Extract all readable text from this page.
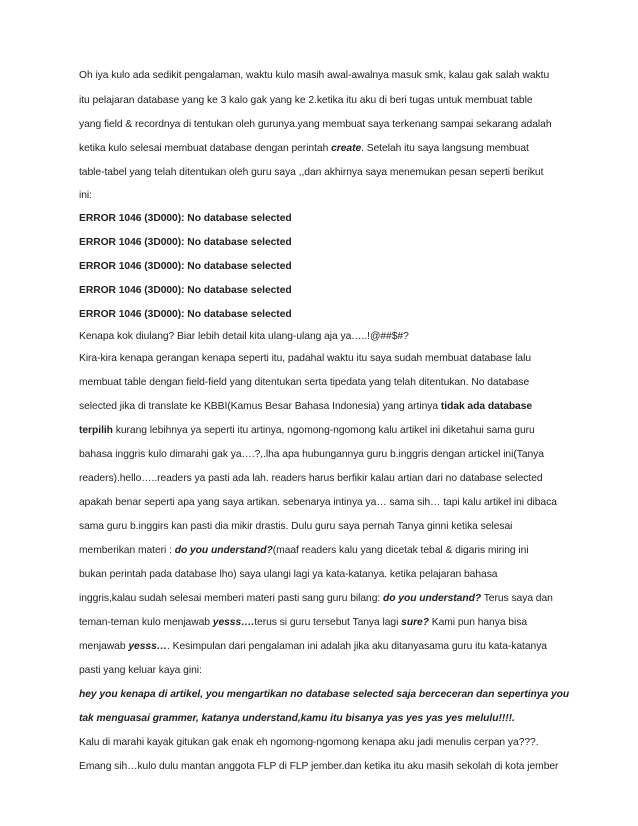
Oh iya kulo ada sedikit pengalaman, waktu kulo masih awal-awalnya masuk smk, kalau gak salah waktu
itu pelajaran database yang ke 3 kalo gak yang ke 2.ketika itu aku di beri tugas untuk membuat table
yang field & recordnya di tentukan oleh gurunya.yang membuat saya terkenang sampai sekarang adalah
ketika kulo selesai membuat database dengan perintah create. Setelah itu saya langsung membuat
table-tabel yang telah ditentukan oleh guru saya ,,dan akhirnya saya menemukan pesan seperti berikut
ini:
ERROR 1046 (3D000): No database selected
ERROR 1046 (3D000): No database selected
ERROR 1046 (3D000): No database selected
ERROR 1046 (3D000): No database selected
ERROR 1046 (3D000): No database selected
Kenapa kok diulang? Biar lebih detail kita ulang-ulang aja ya…..!@##$#?
Kira-kira kenapa gerangan kenapa seperti itu, padahal waktu itu saya sudah membuat database lalu
membuat table dengan field-field yang ditentukan serta tipedata yang telah ditentukan. No database
selected jika di translate ke KBBI(Kamus Besar Bahasa Indonesia) yang artinya tidak ada database
terpilih kurang lebihnya ya seperti itu artinya, ngomong-ngomong kalu artikel ini diketahui sama guru
bahasa inggris kulo dimarahi gak ya….?,.lha apa hubungannya guru b.inggris dengan artickel ini(Tanya
readers).hello…..readers ya pasti ada lah. readers harus berfikir kalau artian dari no database selected
apakah benar seperti apa yang saya artikan. sebenarya intinya ya… sama sih… tapi kalu artikel ini dibaca
sama guru b.inggirs kan pasti dia mikir drastis. Dulu guru saya pernah Tanya ginni ketika selesai
memberikan materi : do you understand?(maaf readers kalu yang dicetak tebal & digaris miring ini
bukan perintah pada database lho) saya ulangi lagi ya kata-katanya. ketika pelajaran bahasa
inggris,kalau sudah selesai memberi materi pasti sang guru bilang: do you understand? Terus saya dan
teman-teman kulo menjawab yesss….terus si guru tersebut Tanya lagi sure? Kami pun hanya bisa
menjawab yesss…. Kesimpulan dari pengalaman ini adalah jika aku ditanyasama guru itu kata-katanya
pasti yang keluar kaya gini:
hey you kenapa di artikel, you mengartikan no database selected saja berceceran dan sepertinya you
tak menguasai grammer, katanya understand,kamu itu bisanya yas yes yas yes melulu!!!!.
Kalu di marahi kayak gitukan gak enak eh ngomong-ngomong kenapa aku jadi menulis cerpan ya???.
Emang sih…kulo dulu mantan anggota FLP di FLP jember.dan ketika itu aku masih sekolah di kota jember
